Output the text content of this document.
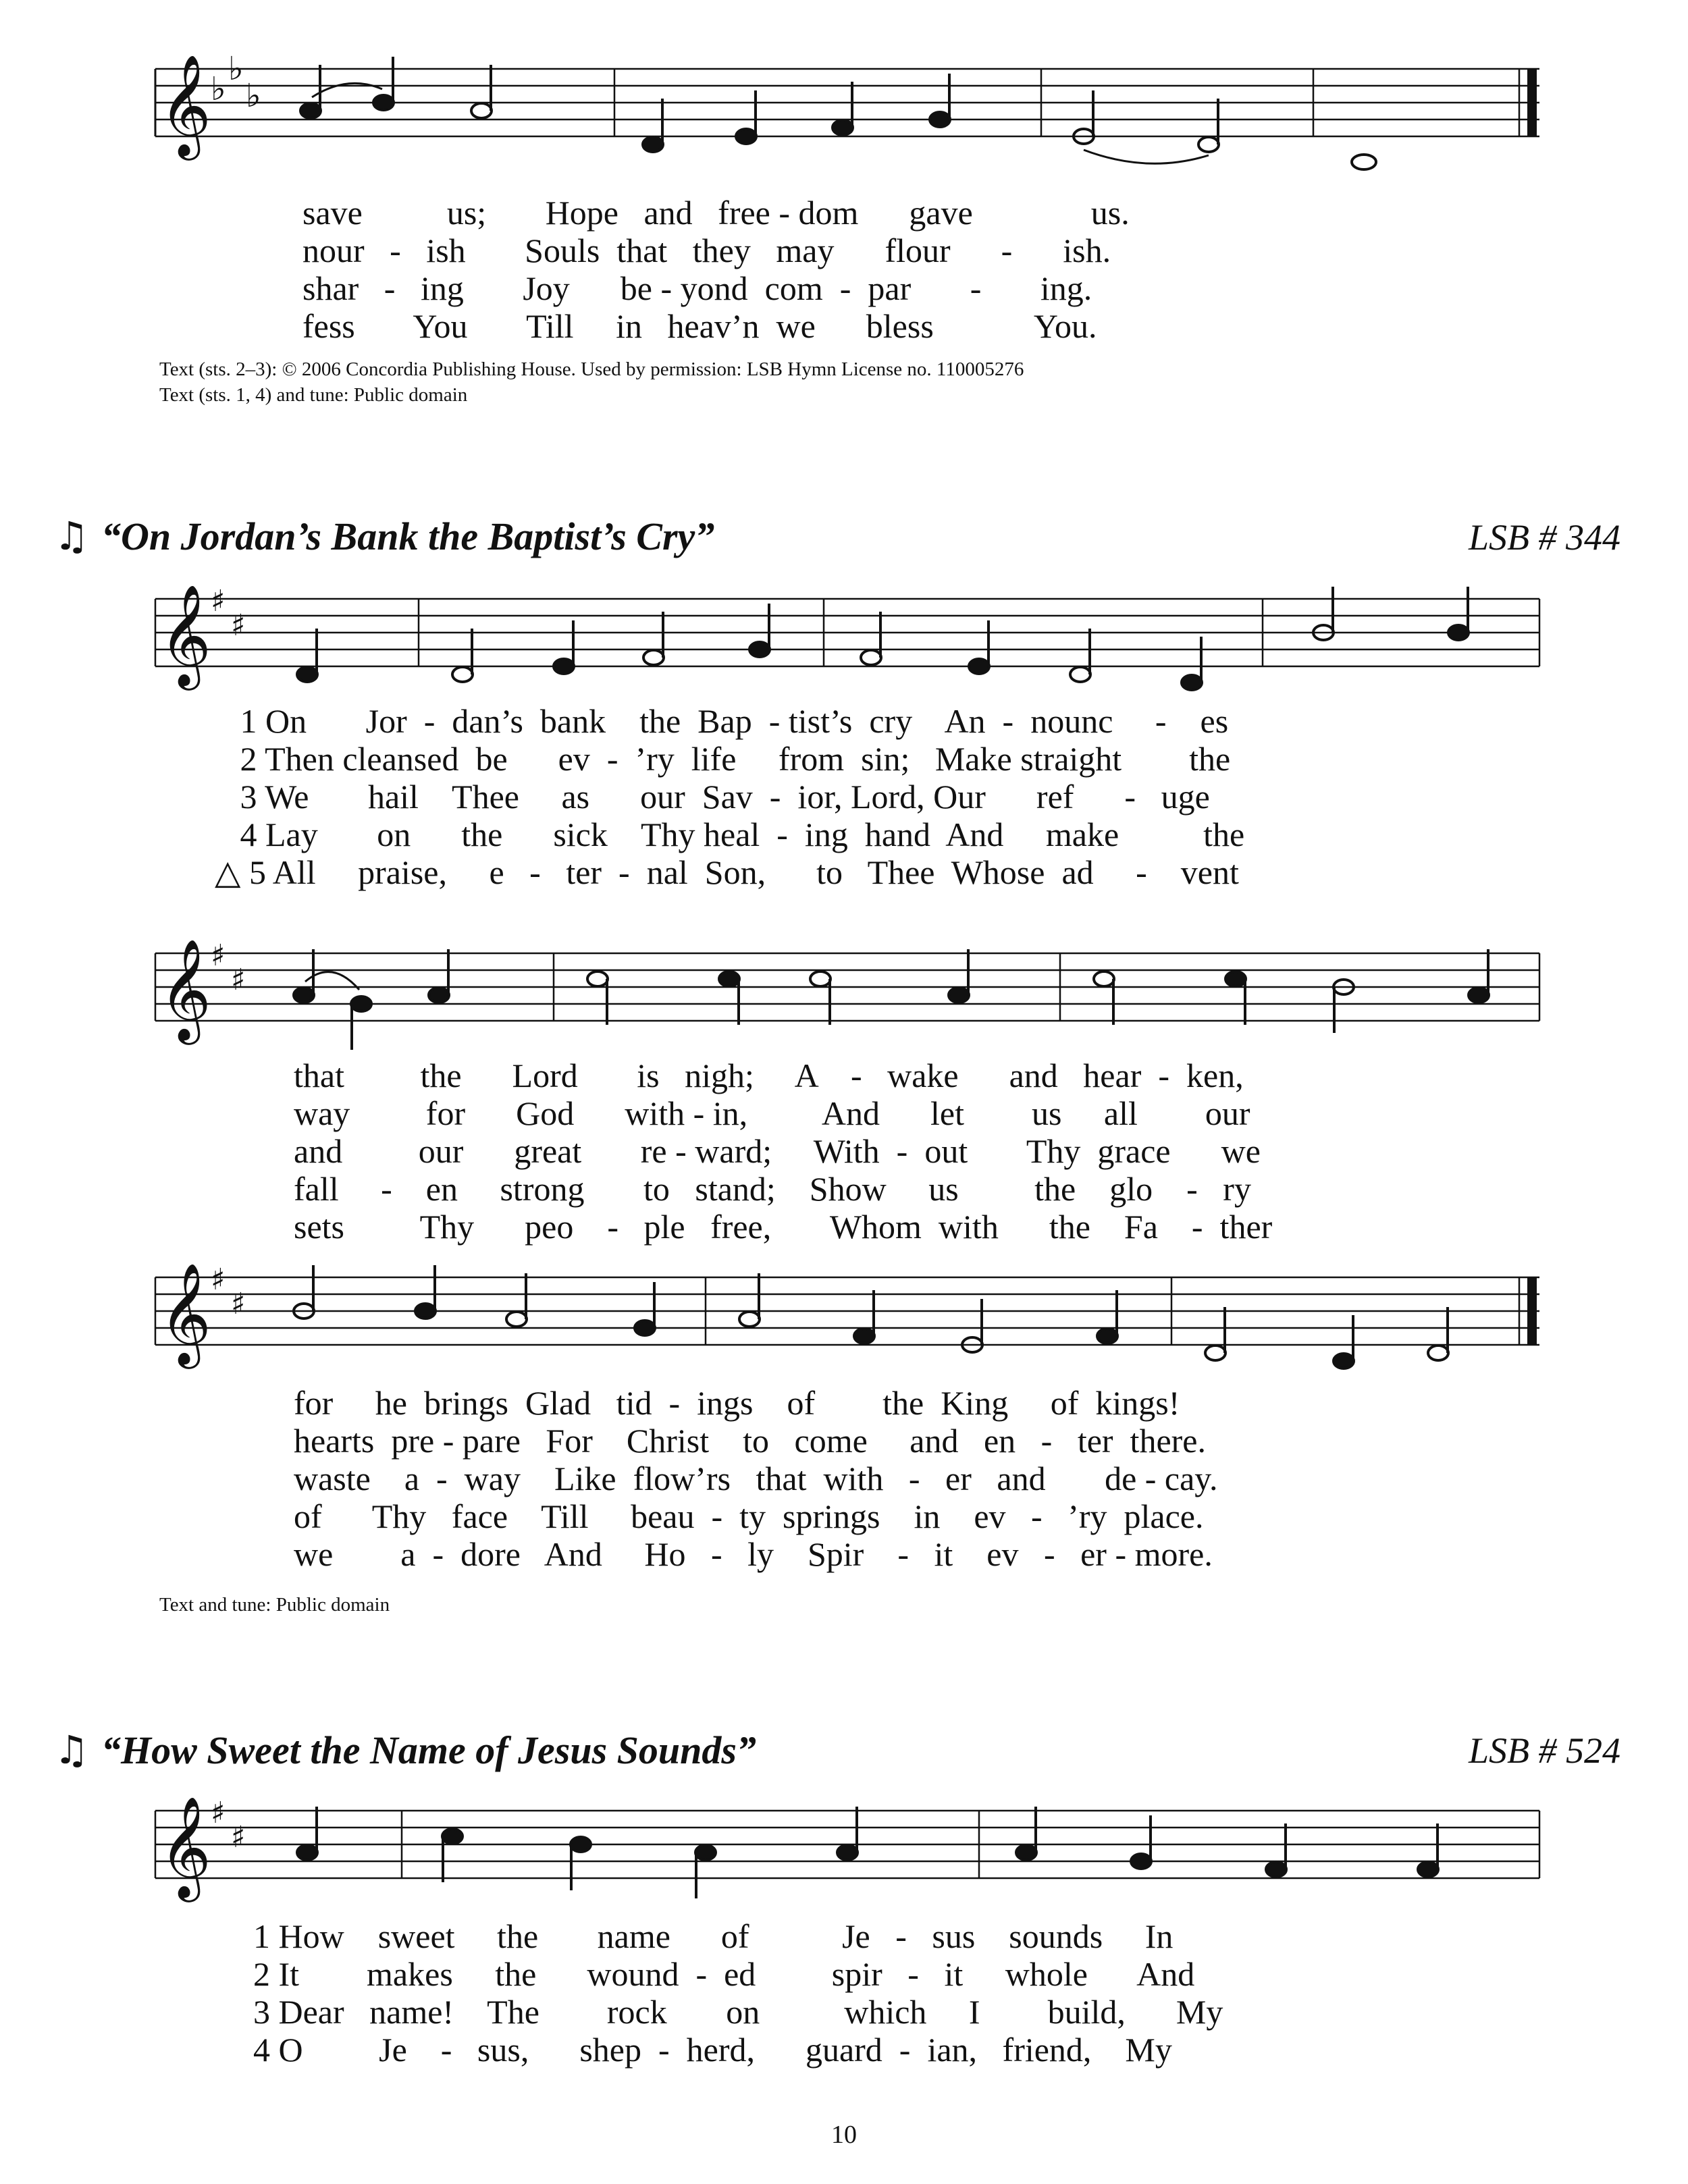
𝄞 ♭
♭
♭
save          us;       Hope   and   free - dom      gave              us.
nour   -   ish       Souls  that   they   may      flour      -      ish.
shar   -   ing       Joy      be - yond  com  -  par       -       ing.
fess       You       Till     in   heav’n  we      bless            You.
Text (sts. 2–3): © 2006 Concordia Publishing House. Used by permission: LSB Hymn License no. 110005276
Text (sts. 1, 4) and tune: Public domain
♫ “On Jordan’s Bank the Baptist’s Cry”	LSB # 344
𝄞 ♯
♯
1 On       Jor  -  dan’s  bank    the  Bap  - tist’s  cry    An  -  nounc     -    es
2 Then cleansed  be      ev  -  ’ry  life     from  sin;   Make straight        the
3 We       hail    Thee     as      our  Sav  -  ior, Lord, Our      ref      -   uge
4 Lay       on      the      sick    Thy heal  -  ing  hand  And     make          the
△ 5 All     praise,     e   -   ter  -  nal  Son,      to   Thee  Whose  ad     -    vent
𝄞 ♯
♯
that         the      Lord       is   nigh;     A    -   wake      and   hear  -  ken,
way         for      God      with - in,         And      let        us     all        our
and         our      great       re - ward;     With  -  out       Thy  grace      we
fall     -    en     strong       to   stand;    Show     us         the    glo    -   ry
sets         Thy      peo    -   ple   free,       Whom  with      the    Fa    -  ther
𝄞 ♯
♯
for     he  brings  Glad   tid  -  ings    of        the  King     of  kings!
hearts  pre - pare   For    Christ    to   come     and   en   -   ter  there.
waste    a  -  way    Like  flow’rs   that  with   -   er   and       de - cay.
of      Thy   face    Till     beau  -  ty  springs    in    ev   -   ’ry  place.
we        a  -  dore   And     Ho   -   ly    Spir    -   it    ev   -   er - more.
Text and tune: Public domain
♫ “How Sweet the Name of Jesus Sounds”	LSB # 524
𝄞 ♯
♯
1 How    sweet     the       name      of           Je   -   sus    sounds     In
2 It        makes     the      wound  -  ed         spir   -   it     whole      And
3 Dear   name!    The        rock       on          which     I        build,      My
4 O         Je    -   sus,      shep  -  herd,      guard  -  ian,   friend,    My
10
